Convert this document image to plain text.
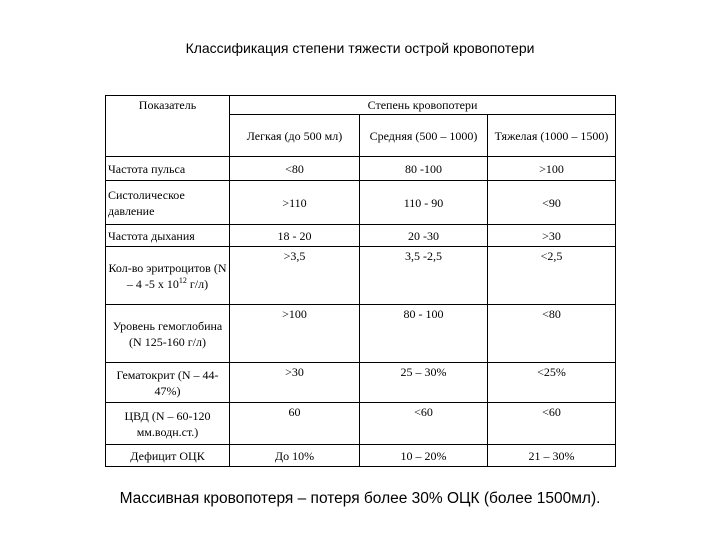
Классификация степени тяжести острой кровопотери
Показатель	Степень кровопотери		
	Легкая (до 500 мл)	Средняя (500 – 1000)	Тяжелая (1000 – 1500)
Частота пульса	<80	80 -100	>100
Систолическое давление	>110	110 - 90	<90
Частота дыхания	18 - 20	20 -30	>30
Кол-во эритроцитов (N – 4 -5 х $10^{12}$ г/л)	>3,5	3,5 -2,5	<2,5
Уровень гемоглобина (N 125-160 г/л)	>100	80 - 100	<80
Гематокрит (N – 44-47%)	>30	25 – 30%	<25%
ЦВД (N – 60-120 мм.водн.ст.)	60	<60	<60
Дефицит ОЦК	До 10%	10 – 20%	21 – 30%
Массивная кровопотеря – потеря более 30% ОЦК (более 1500мл).
